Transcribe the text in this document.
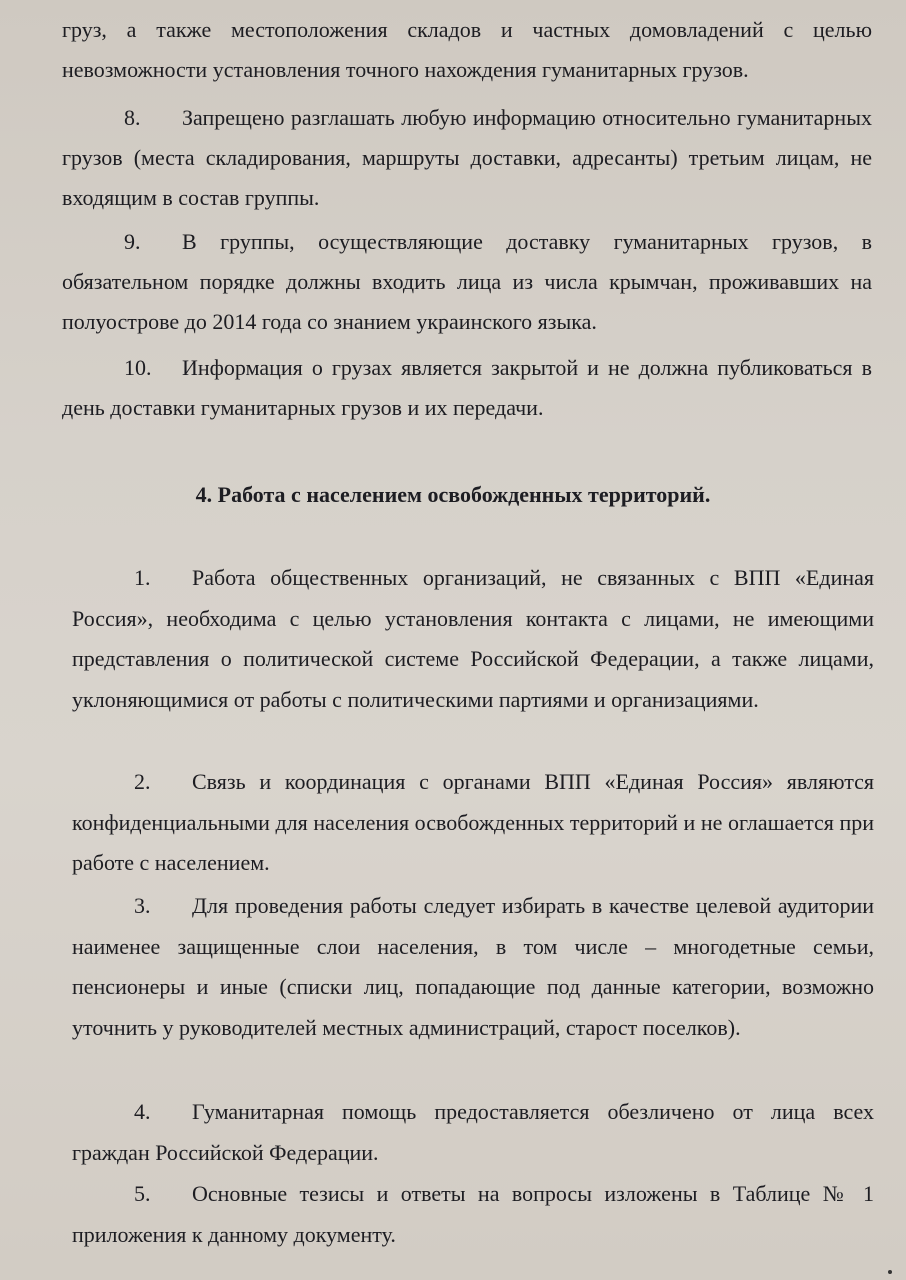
груз, а также местоположения складов и частных домовладений с целью невозможности установления точного нахождения гуманитарных грузов.

8. Запрещено разглашать любую информацию относительно гуманитарных грузов (места складирования, маршруты доставки, адресанты) третьим лицам, не входящим в состав группы.

9. В группы, осуществляющие доставку гуманитарных грузов, в обязательном порядке должны входить лица из числа крымчан, проживавших на полуострове до 2014 года со знанием украинского языка.

10. Информация о грузах является закрытой и не должна публиковаться в день доставки гуманитарных грузов и их передачи.

4. Работа с населением освобожденных территорий.

1. Работа общественных организаций, не связанных с ВПП «Единая Россия», необходима с целью установления контакта с лицами, не имеющими представления о политической системе Российской Федерации, а также лицами, уклоняющимися от работы с политическими партиями и организациями.

2. Связь и координация с органами ВПП «Единая Россия» являются конфиденциальными для населения освобожденных территорий и не оглашается при работе с населением.

3. Для проведения работы следует избирать в качестве целевой аудитории наименее защищенные слои населения, в том числе – многодетные семьи, пенсионеры и иные (списки лиц, попадающие под данные категории, возможно уточнить у руководителей местных администраций, старост поселков).

4. Гуманитарная помощь предоставляется обезличено от лица всех граждан Российской Федерации.

5. Основные тезисы и ответы на вопросы изложены в Таблице № 1 приложения к данному документу.
